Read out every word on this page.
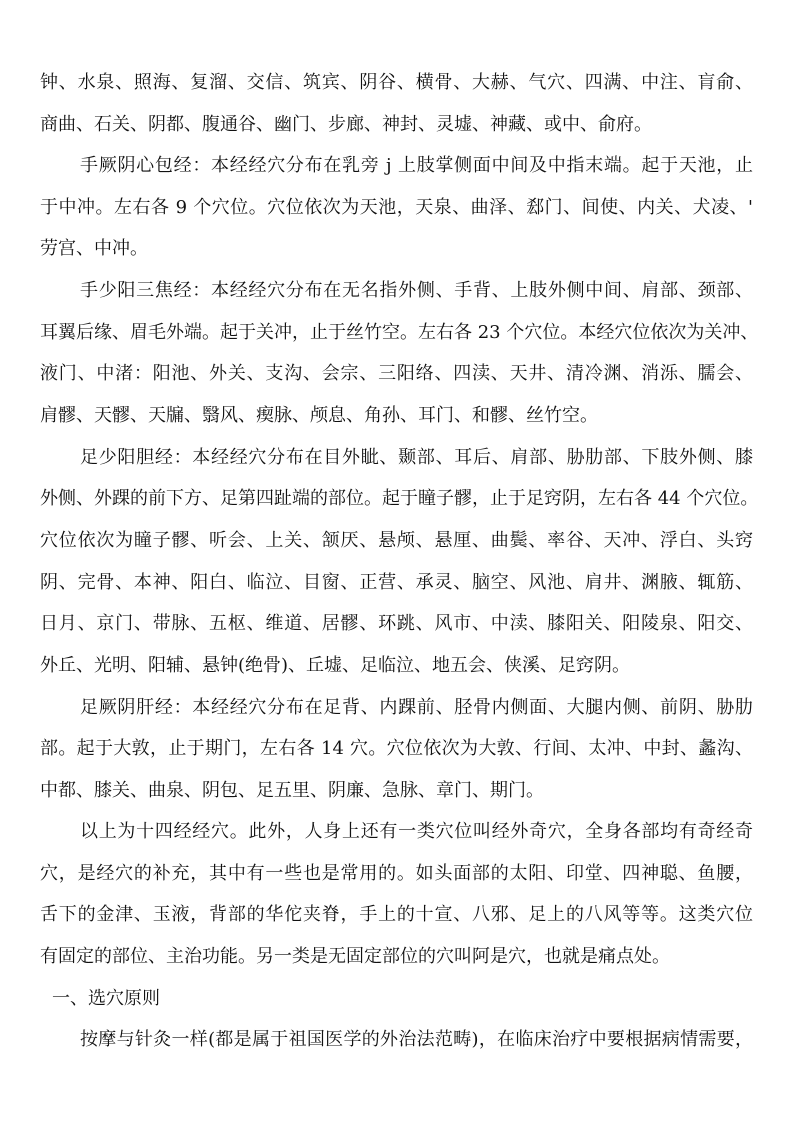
钟、水泉、照海、复溜、交信、筑宾、阴谷、横骨、大赫、气穴、四满、中注、肓俞、
商曲、石关、阴都、腹通谷、幽门、步廊、神封、灵墟、神藏、或中、俞府。
手厥阴心包经：本经经穴分布在乳旁 j 上肢掌侧面中间及中指末端。起于天池，止
于中冲。左右各 9 个穴位。穴位依次为天池，天泉、曲泽、郄门、间使、内关、犬凌、'
劳宫、中冲。
手少阳三焦经：本经经穴分布在无名指外侧、手背、上肢外侧中间、肩部、颈部、
耳翼后缘、眉毛外端。起于关冲，止于丝竹空。左右各 23 个穴位。本经穴位依次为关冲、
液门、中渚：阳池、外关、支沟、会宗、三阳络、四渎、天井、清冷渊、消泺、臑会、
肩髎、天髎、天牖、翳风、瘈脉、颅息、角孙、耳门、和髎、丝竹空。
足少阳胆经：本经经穴分布在目外眦、颞部、耳后、肩部、胁肋部、下肢外侧、膝
外侧、外踝的前下方、足第四趾端的部位。起于瞳子髎，止于足窍阴，左右各 44 个穴位。
穴位依次为瞳子髎、听会、上关、颔厌、悬颅、悬厘、曲鬓、率谷、天冲、浮白、头窍
阴、完骨、本神、阳白、临泣、目窗、正营、承灵、脑空、风池、肩井、渊腋、辄筋、
日月、京门、带脉、五枢、维道、居髎、环跳、风市、中渎、膝阳关、阳陵泉、阳交、
外丘、光明、阳辅、悬钟(绝骨)、丘墟、足临泣、地五会、侠溪、足窍阴。
足厥阴肝经：本经经穴分布在足背、内踝前、胫骨内侧面、大腿内侧、前阴、胁肋
部。起于大敦，止于期门，左右各 14 穴。穴位依次为大敦、行间、太冲、中封、蠡沟、
中都、膝关、曲泉、阴包、足五里、阴廉、急脉、章门、期门。
以上为十四经经穴。此外，人身上还有一类穴位叫经外奇穴，全身各部均有奇经奇
穴，是经穴的补充，其中有一些也是常用的。如头面部的太阳、印堂、四神聪、鱼腰，
舌下的金津、玉液，背部的华佗夹脊，手上的十宣、八邪、足上的八风等等。这类穴位
有固定的部位、主治功能。另一类是无固定部位的穴叫阿是穴，也就是痛点处。
一、选穴原则
按摩与针灸一样(都是属于祖国医学的外治法范畴)，在临床治疗中要根据病情需要，
